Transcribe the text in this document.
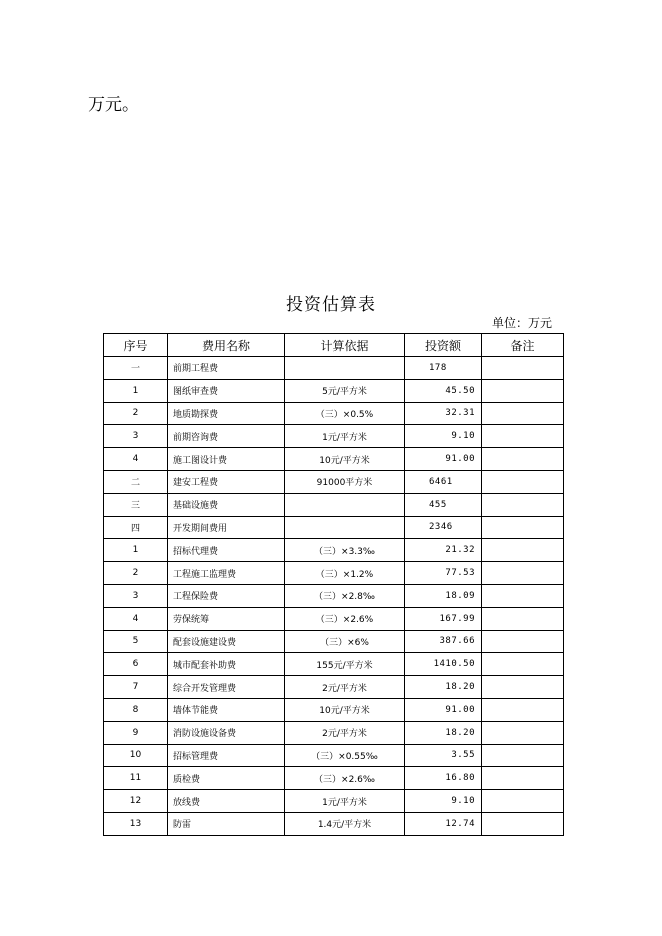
万元。
投资估算表
单位：万元
序号	费用名称	计算依据	投资额	备注
一	前期工程费		178	
1	图纸审查费	5元/平方米	45.50	
2	地质勘探费	（三）×0.5%	32.31	
3	前期咨询费	1元/平方米	9.10	
4	施工图设计费	10元/平方米	91.00	
二	建安工程费	91000平方米	6461	
三	基础设施费		455	
四	开发期间费用		2346	
1	招标代理费	（三）×3.3‰	21.32	
2	工程施工监理费	（三）×1.2%	77.53	
3	工程保险费	（三）×2.8‰	18.09	
4	劳保统筹	（三）×2.6%	167.99	
5	配套设施建设费	（三）×6%	387.66	
6	城市配套补助费	155元/平方米	1410.50	
7	综合开发管理费	2元/平方米	18.20	
8	墙体节能费	10元/平方米	91.00	
9	消防设施设备费	2元/平方米	18.20	
10	招标管理费	（三）×0.55‰	3.55	
11	质检费	（三）×2.6‰	16.80	
12	放线费	1元/平方米	9.10	
13	防雷	1.4元/平方米	12.74	
